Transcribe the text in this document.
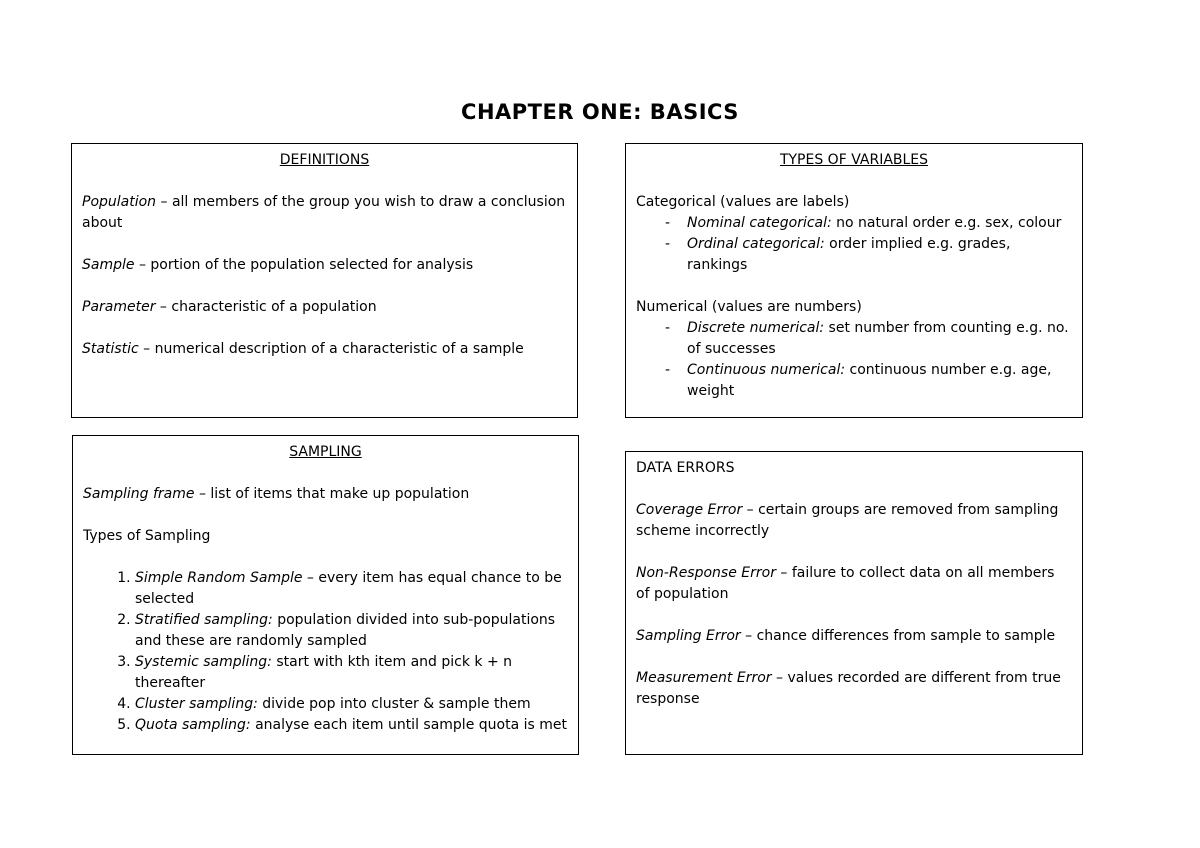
CHAPTER ONE: BASICS
DEFINITIONS
Population – all members of the group you wish to draw a conclusion about
Sample – portion of the population selected for analysis
Parameter – characteristic of a population
Statistic – numerical description of a characteristic of a sample
TYPES OF VARIABLES
Categorical (values are labels)
- Nominal categorical: no natural order e.g. sex, colour
- Ordinal categorical: order implied e.g. grades, rankings
Numerical (values are numbers)
- Discrete numerical: set number from counting e.g. no. of successes
- Continuous numerical: continuous number e.g. age, weight
SAMPLING
Sampling frame – list of items that make up population
Types of Sampling
1. Simple Random Sample – every item has equal chance to be selected
2. Stratified sampling: population divided into sub-populations and these are randomly sampled
3. Systemic sampling: start with kth item and pick k + n thereafter
4. Cluster sampling: divide pop into cluster & sample them
5. Quota sampling: analyse each item until sample quota is met
DATA ERRORS
Coverage Error – certain groups are removed from sampling scheme incorrectly
Non-Response Error – failure to collect data on all members of population
Sampling Error – chance differences from sample to sample
Measurement Error – values recorded are different from true response
